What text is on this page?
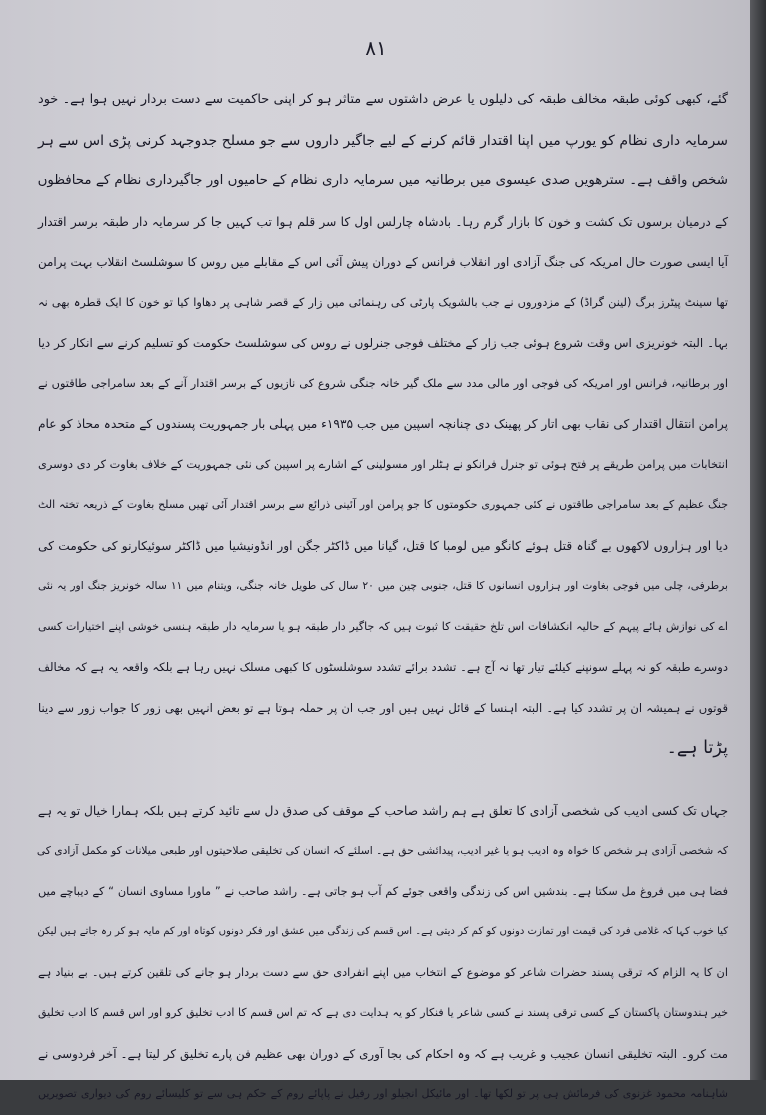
۸۱

گئے، کبھی کوئی طبقہ مخالف طبقہ کی دلیلوں یا عرض داشتوں سے متاثر ہو کر اپنی حاکمیت سے دست بردار نہیں ہوا ہے۔ خود

سرمایہ داری نظام کو یورپ میں اپنا اقتدار قائم کرنے کے لیے جاگیر داروں سے جو مسلح جدوجہد کرنی پڑی اس سے ہر

شخص واقف ہے۔ سترھویں صدی عیسوی میں برطانیہ میں سرمایہ داری نظام کے حامیوں اور جاگیرداری نظام کے محافظوں

کے درمیان برسوں تک کشت و خون کا بازار گرم رہا۔ بادشاہ چارلس اول کا سر قلم ہوا تب کہیں جا کر سرمایہ دار طبقہ برسر اقتدار

آیا ایسی صورت حال امریکہ کی جنگ آزادی اور انقلاب فرانس کے دوران پیش آئی اس کے مقابلے میں روس کا سوشلسٹ انقلاب بہت پرامن

تھا سینٹ پیٹرز برگ (لینن گراڈ) کے مزدوروں نے جب بالشویک پارٹی کی رہنمائی میں زار کے قصر شاہی پر دھاوا کیا تو خون کا ایک قطرہ بھی نہ

بہا۔ البتہ خونریزی اس وقت شروع ہوئی جب زار کے مختلف فوجی جنرلوں نے روس کی سوشلسٹ حکومت کو تسلیم کرنے سے انکار کر دیا

اور برطانیہ، فرانس اور امریکہ کی فوجی اور مالی مدد سے ملک گیر خانہ جنگی شروع کی نازیوں کے برسر اقتدار آنے کے بعد سامراجی طاقتوں نے

پرامن انتقال اقتدار کی نقاب بھی اتار کر پھینک دی چنانچہ اسپین میں جب ۱۹۳۵ء میں پہلی بار جمہوریت پسندوں کے متحدہ محاذ کو عام

انتخابات میں پرامن طریقے پر فتح ہوئی تو جنرل فرانکو نے ہٹلر اور مسولینی کے اشارے پر اسپین کی نئی جمہوریت کے خلاف بغاوت کر دی دوسری

جنگ عظیم کے بعد سامراجی طاقتوں نے کئی جمہوری حکومتوں کا جو پرامن اور آئینی ذرائع سے برسر اقتدار آئی تھیں مسلح بغاوت کے ذریعہ تختہ الٹ

دیا اور ہزاروں لاکھوں بے گناہ قتل ہوئے کانگو میں لومبا کا قتل، گیانا میں ڈاکٹر جگن اور انڈونیشیا میں ڈاکٹر سوئیکارنو کی حکومت کی

برطرفی، چلی میں فوجی بغاوت اور ہزاروں انسانوں کا قتل، جنوبی چین میں ۲۰ سال کی طویل خانہ جنگی، ویتنام میں ۱۱ سالہ خونریز جنگ اور یہ نئی

اے کی نوازش ہائے پیہم کے حالیہ انکشافات اس تلخ حقیقت کا ثبوت ہیں کہ جاگیر دار طبقہ ہو یا سرمایہ دار طبقہ ہنسی خوشی اپنے اختیارات کسی

دوسرے طبقہ کو نہ پہلے سونپنے کیلئے تیار تھا نہ آج ہے۔ تشدد برائے تشدد سوشلسٹوں کا کبھی مسلک نہیں رہا ہے بلکہ واقعہ یہ ہے کہ مخالف

قوتوں نے ہمیشہ ان پر تشدد کیا ہے۔ البتہ اہنسا کے قائل نہیں ہیں اور جب ان پر حملہ ہوتا ہے تو بعض انہیں بھی زور کا جواب زور سے دینا

پڑتا ہے۔

جہاں تک کسی ادیب کی شخصی آزادی کا تعلق ہے ہم راشد صاحب کے موقف کی صدق دل سے تائید کرتے ہیں بلکہ ہمارا خیال تو یہ ہے

کہ شخصی آزادی ہر شخص کا خواہ وہ ادیب ہو یا غیر ادیب، پیدائشی حق ہے۔ اسلئے کہ انسان کی تخلیقی صلاحیتوں اور طبعی میلانات کو مکمل آزادی کی

فضا ہی میں فروغ مل سکتا ہے۔ بندشیں اس کی زندگی واقعی جوئے کم آب ہو جاتی ہے۔ راشد صاحب نے ” ماورا مساوی انسان “ کے دیباچے میں

کیا خوب کہا کہ غلامی فرد کی قیمت اور تمازت دونوں کو کم کر دیتی ہے۔ اس قسم کی زندگی میں عشق اور فکر دونوں کوتاہ اور کم مایہ ہو کر رہ جاتے ہیں لیکن

ان کا یہ الزام کہ ترقی پسند حضرات شاعر کو موضوع کے انتخاب میں اپنے انفرادی حق سے دست بردار ہو جانے کی تلقین کرتے ہیں۔ بے بنیاد ہے

خیر ہندوستان پاکستان کے کسی ترقی پسند نے کسی شاعر یا فنکار کو یہ ہدایت دی ہے کہ تم اس قسم کا ادب تخلیق کرو اور اس قسم کا ادب تخلیق

مت کرو۔ البتہ تخلیقی انسان عجیب و غریب ہے کہ وہ احکام کی بجا آوری کے دوران بھی عظیم فن پارے تخلیق کر لیتا ہے۔ آخر فردوسی نے

شاہنامہ محمود غزنوی کی فرمائش ہی پر تو لکھا تھا۔ اور مائیکل انجیلو اور رفیل نے پاپائے روم کے حکم ہی سے تو کلیسائے روم کی دیواری تصویریں
